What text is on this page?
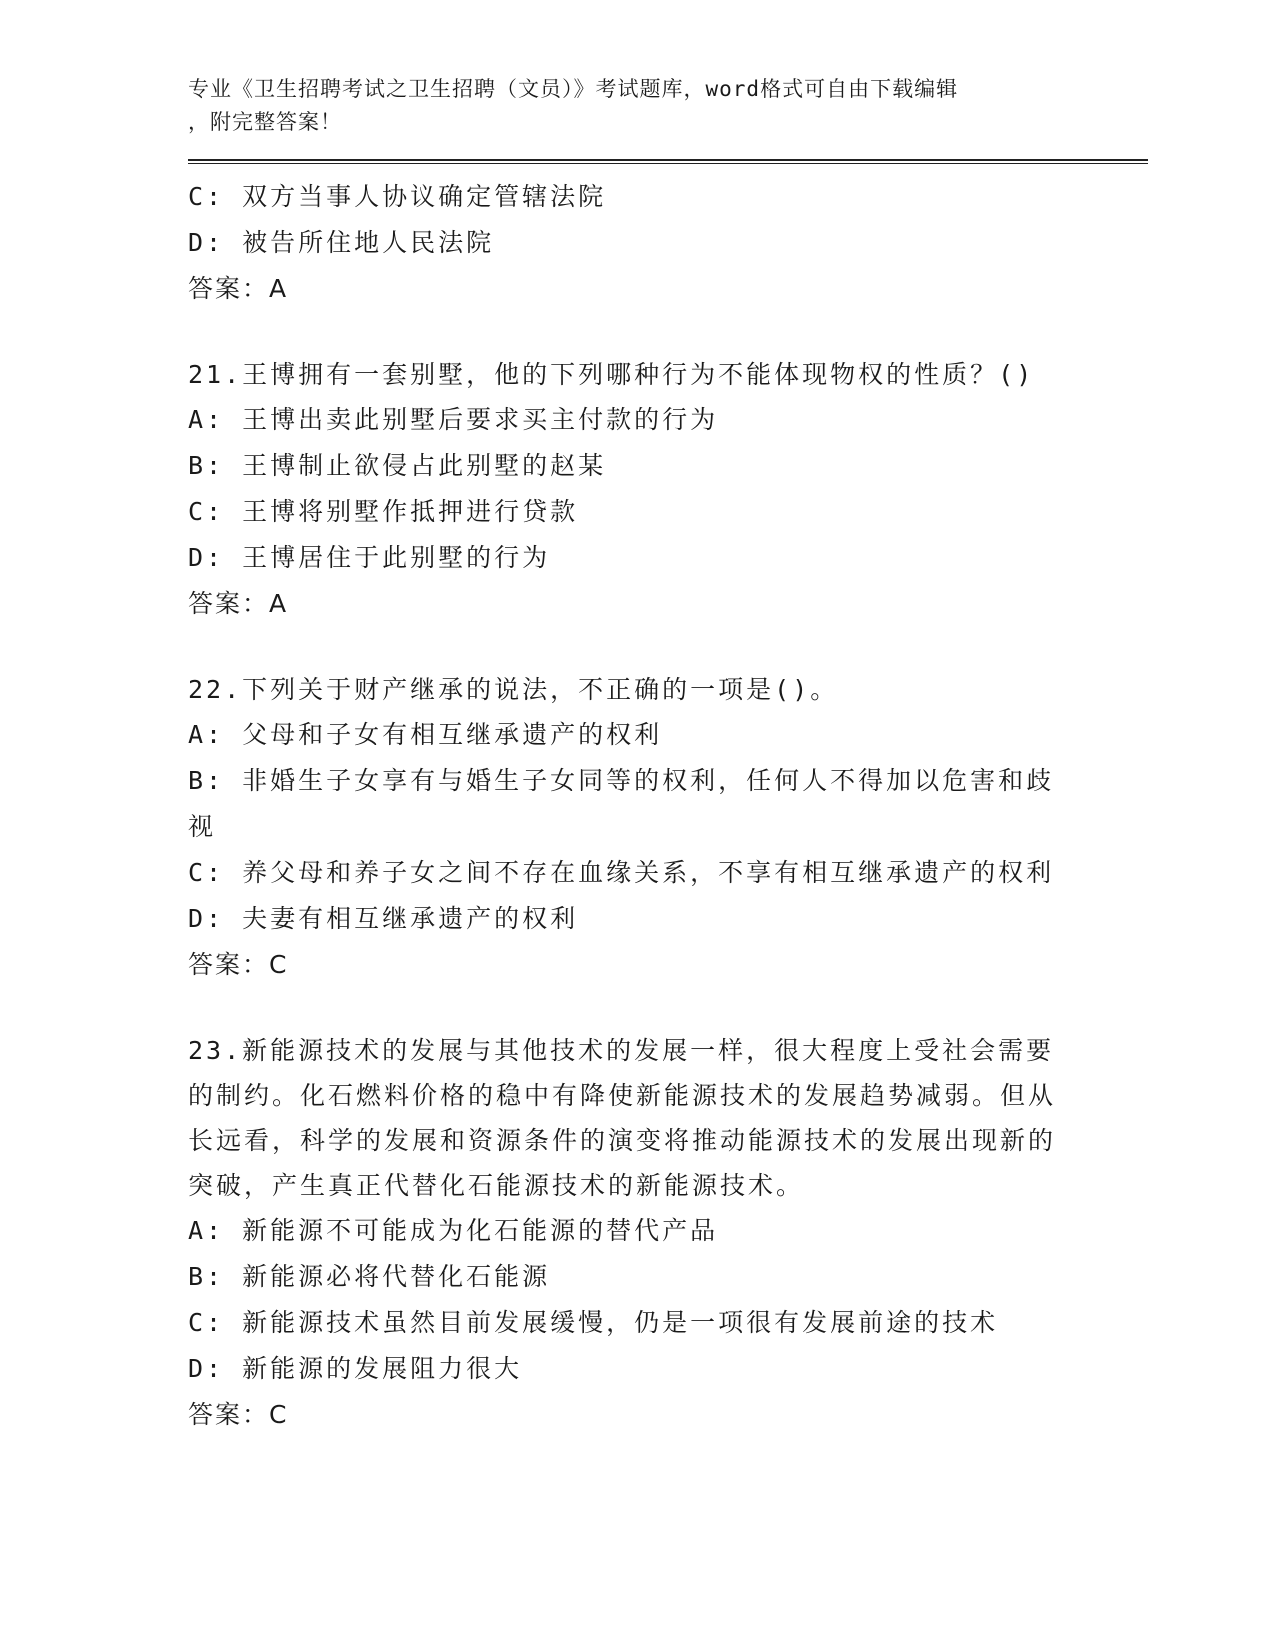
专业《卫生招聘考试之卫生招聘（文员）》考试题库，word格式可自由下载编辑
，附完整答案！
C: 双方当事人协议确定管辖法院
D: 被告所住地人民法院
答案：A
21.王博拥有一套别墅，他的下列哪种行为不能体现物权的性质？()
A: 王博出卖此别墅后要求买主付款的行为
B: 王博制止欲侵占此别墅的赵某
C: 王博将别墅作抵押进行贷款
D: 王博居住于此别墅的行为
答案：A
22.下列关于财产继承的说法，不正确的一项是()。
A: 父母和子女有相互继承遗产的权利
B: 非婚生子女享有与婚生子女同等的权利，任何人不得加以危害和歧视
C: 养父母和养子女之间不存在血缘关系，不享有相互继承遗产的权利
D: 夫妻有相互继承遗产的权利
答案：C
23.新能源技术的发展与其他技术的发展一样，很大程度上受社会需要的制约。化石燃料价格的稳中有降使新能源技术的发展趋势减弱。但从长远看，科学的发展和资源条件的演变将推动能源技术的发展出现新的突破，产生真正代替化石能源技术的新能源技术。
A: 新能源不可能成为化石能源的替代产品
B: 新能源必将代替化石能源
C: 新能源技术虽然目前发展缓慢，仍是一项很有发展前途的技术
D: 新能源的发展阻力很大
答案：C
